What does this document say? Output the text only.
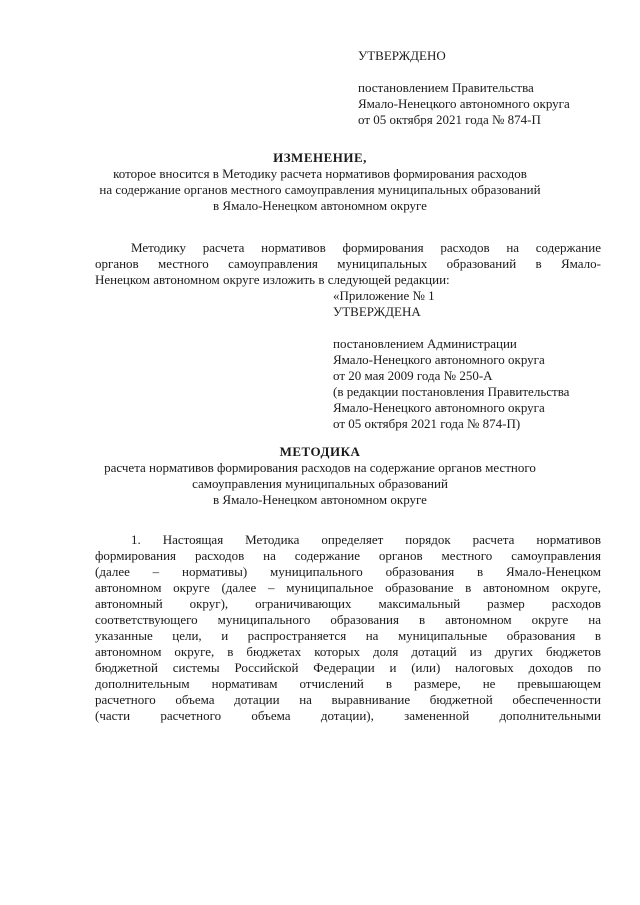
УТВЕРЖДЕНО

постановлением Правительства

Ямало-Ненецкого автономного округа

от 05 октября 2021 года № 874-П

ИЗМЕНЕНИЕ,

которое вносится в Методику расчета нормативов формирования расходов

на содержание органов местного самоуправления муниципальных образований

в Ямало-Ненецком автономном округе

Методику расчета нормативов формирования расходов на содержание

органов местного самоуправления муниципальных образований в Ямало-

Ненецком автономном округе изложить в следующей редакции:

«Приложение № 1

УТВЕРЖДЕНА

постановлением Администрации

Ямало-Ненецкого автономного округа

от 20 мая 2009 года № 250-А

(в редакции постановления Правительства

Ямало-Ненецкого автономного округа

от 05 октября 2021 года № 874-П)

МЕТОДИКА

расчета нормативов формирования расходов на содержание органов местного

самоуправления муниципальных образований

в Ямало-Ненецком автономном округе

1. Настоящая Методика определяет порядок расчета нормативов

формирования расходов на содержание органов местного самоуправления

(далее – нормативы) муниципального образования в Ямало-Ненецком

автономном округе (далее – муниципальное образование в автономном округе,

автономный округ), ограничивающих максимальный размер расходов

соответствующего муниципального образования в автономном округе на

указанные цели, и распространяется на муниципальные образования в

автономном округе, в бюджетах которых доля дотаций из других бюджетов

бюджетной системы Российской Федерации и (или) налоговых доходов по

дополнительным нормативам отчислений в размере, не превышающем

расчетного объема дотации на выравнивание бюджетной обеспеченности

(части расчетного объема дотации), замененной дополнительными
